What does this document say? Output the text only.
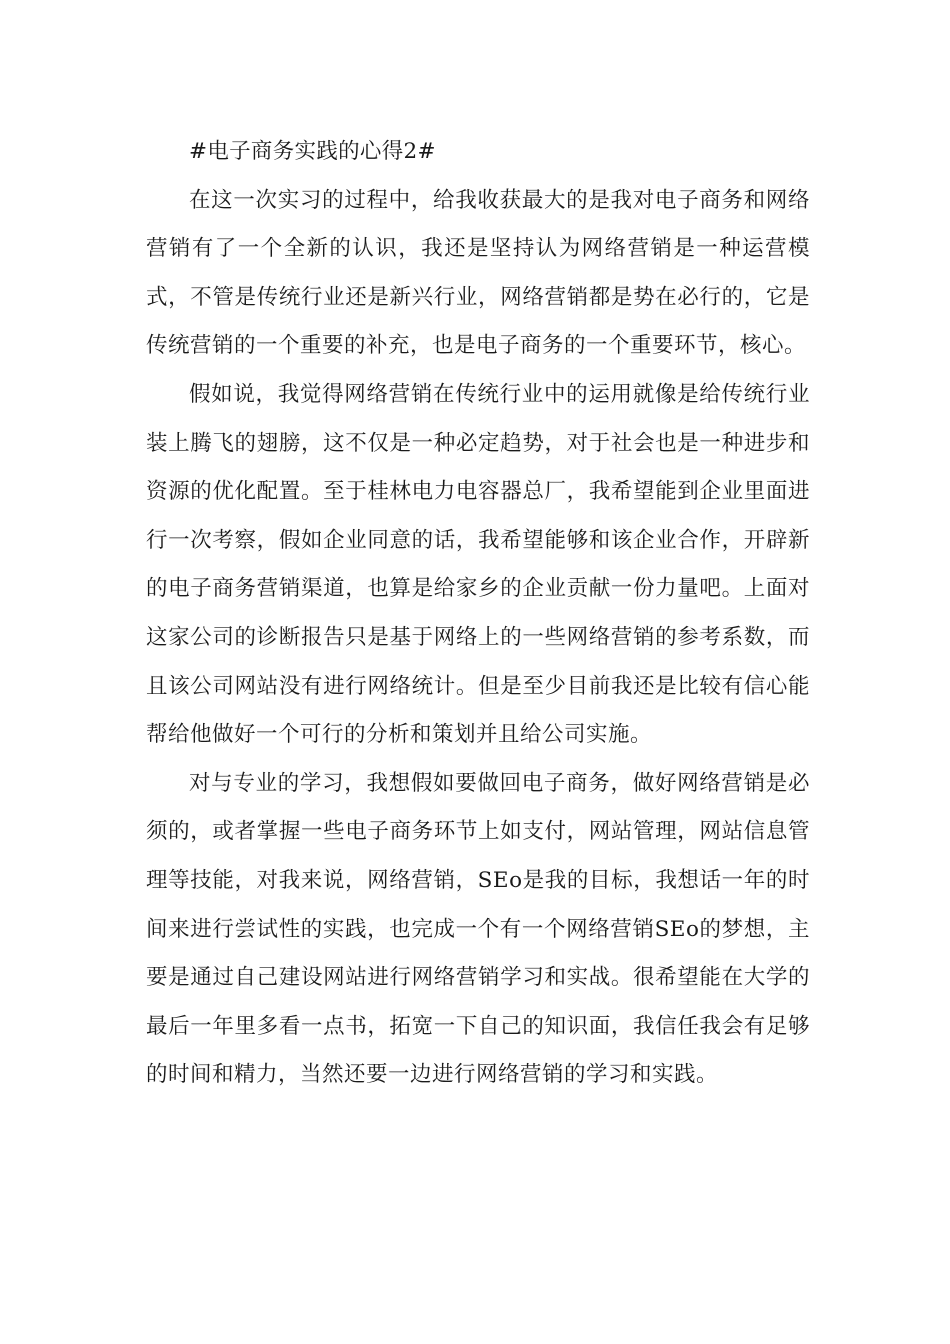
#电子商务实践的心得2#

在这一次实习的过程中，给我收获最大的是我对电子商务和网络营销有了一个全新的认识，我还是坚持认为网络营销是一种运营模式，不管是传统行业还是新兴行业，网络营销都是势在必行的，它是传统营销的一个重要的补充，也是电子商务的一个重要环节，核心。

假如说，我觉得网络营销在传统行业中的运用就像是给传统行业装上腾飞的翅膀，这不仅是一种必定趋势，对于社会也是一种进步和资源的优化配置。至于桂林电力电容器总厂，我希望能到企业里面进行一次考察，假如企业同意的话，我希望能够和该企业合作，开辟新的电子商务营销渠道，也算是给家乡的企业贡献一份力量吧。上面对这家公司的诊断报告只是基于网络上的一些网络营销的参考系数，而且该公司网站没有进行网络统计。但是至少目前我还是比较有信心能帮给他做好一个可行的分析和策划并且给公司实施。

对与专业的学习，我想假如要做回电子商务，做好网络营销是必须的，或者掌握一些电子商务环节上如支付，网站管理，网站信息管理等技能，对我来说，网络营销，SEo是我的目标，我想话一年的时间来进行尝试性的实践，也完成一个有一个网络营销SEo的梦想，主要是通过自己建设网站进行网络营销学习和实战。很希望能在大学的最后一年里多看一点书，拓宽一下自己的知识面，我信任我会有足够的时间和精力，当然还要一边进行网络营销的学习和实践。
